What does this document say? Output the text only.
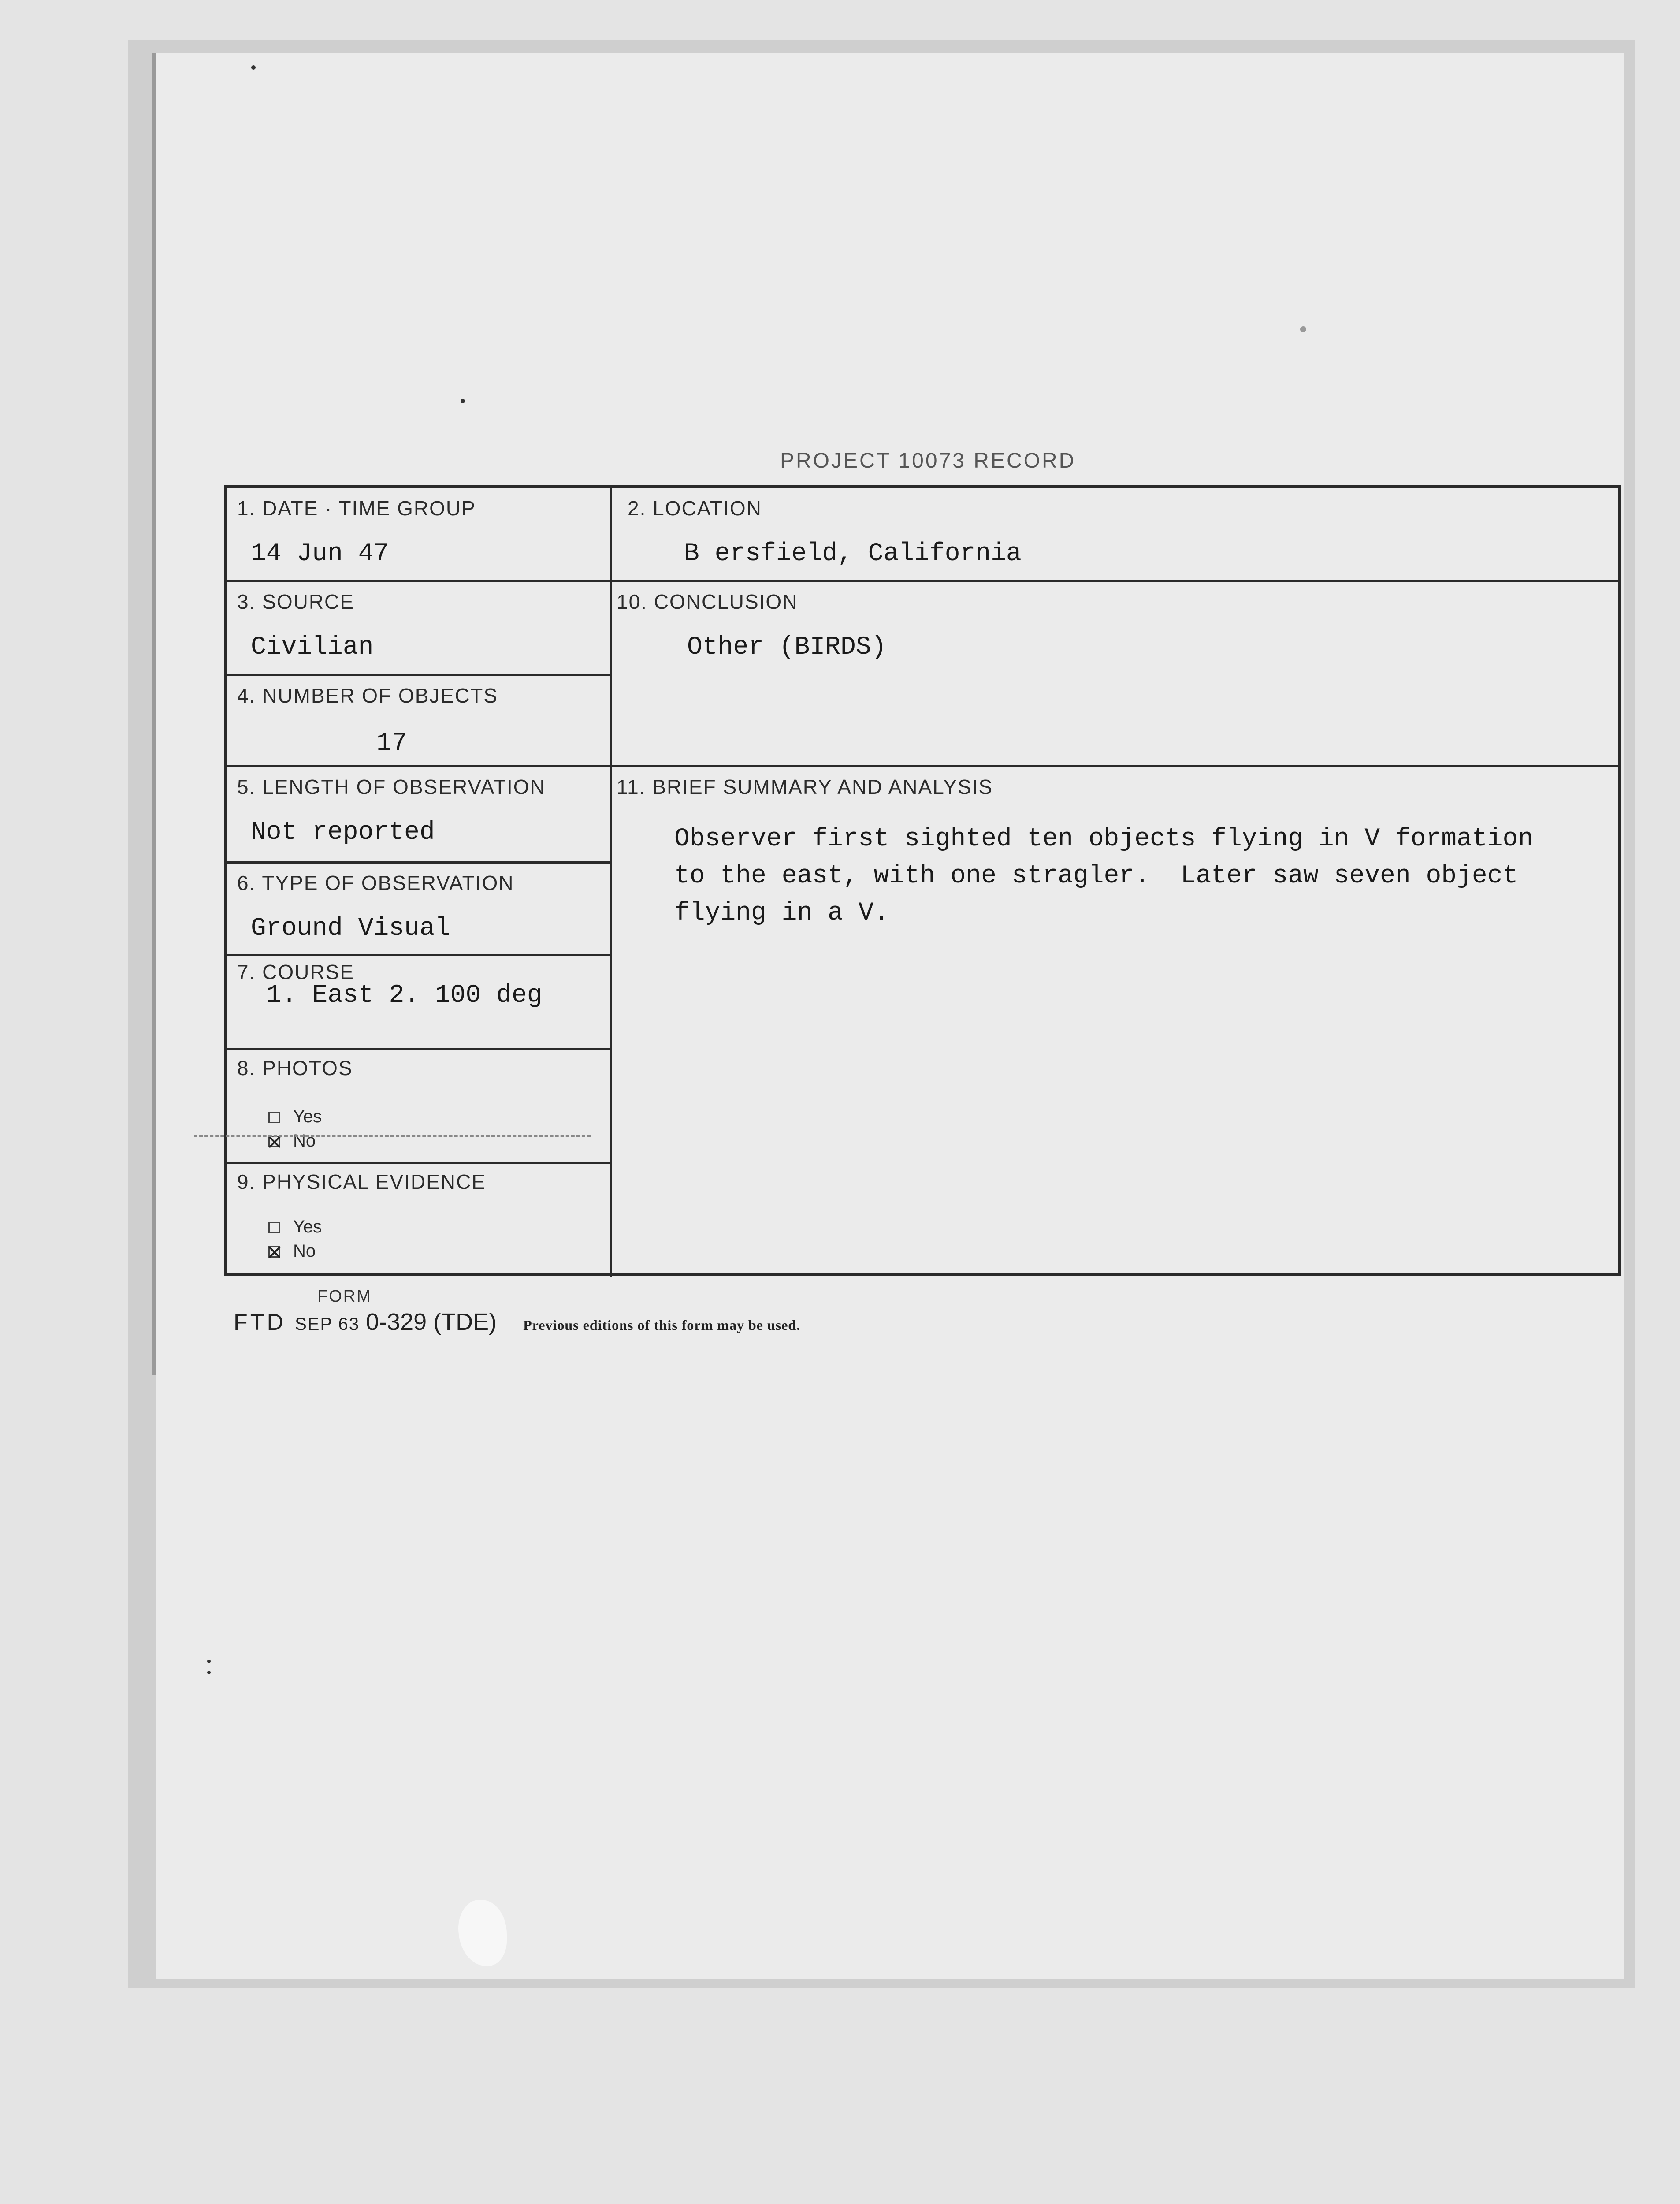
PROJECT 10073 RECORD
1. DATE · TIME GROUP
14 Jun 47
2. LOCATION
B ersfield, California
3. SOURCE
Civilian
10. CONCLUSION
Other (BIRDS)
4. NUMBER OF OBJECTS
17
5. LENGTH OF OBSERVATION
Not reported
11. BRIEF SUMMARY AND ANALYSIS
6. TYPE OF OBSERVATION
Ground Visual
7. COURSE
1. East 2. 100 deg
8. PHOTOS
Yes
No
9. PHYSICAL EVIDENCE
Yes
No
Observer first sighted ten objects flying in V formation
to the east, with one stragler.  Later saw seven object
flying in a V.
FORM
FTD SEP 63 0-329 (TDE) Previous editions of this form may be used.
